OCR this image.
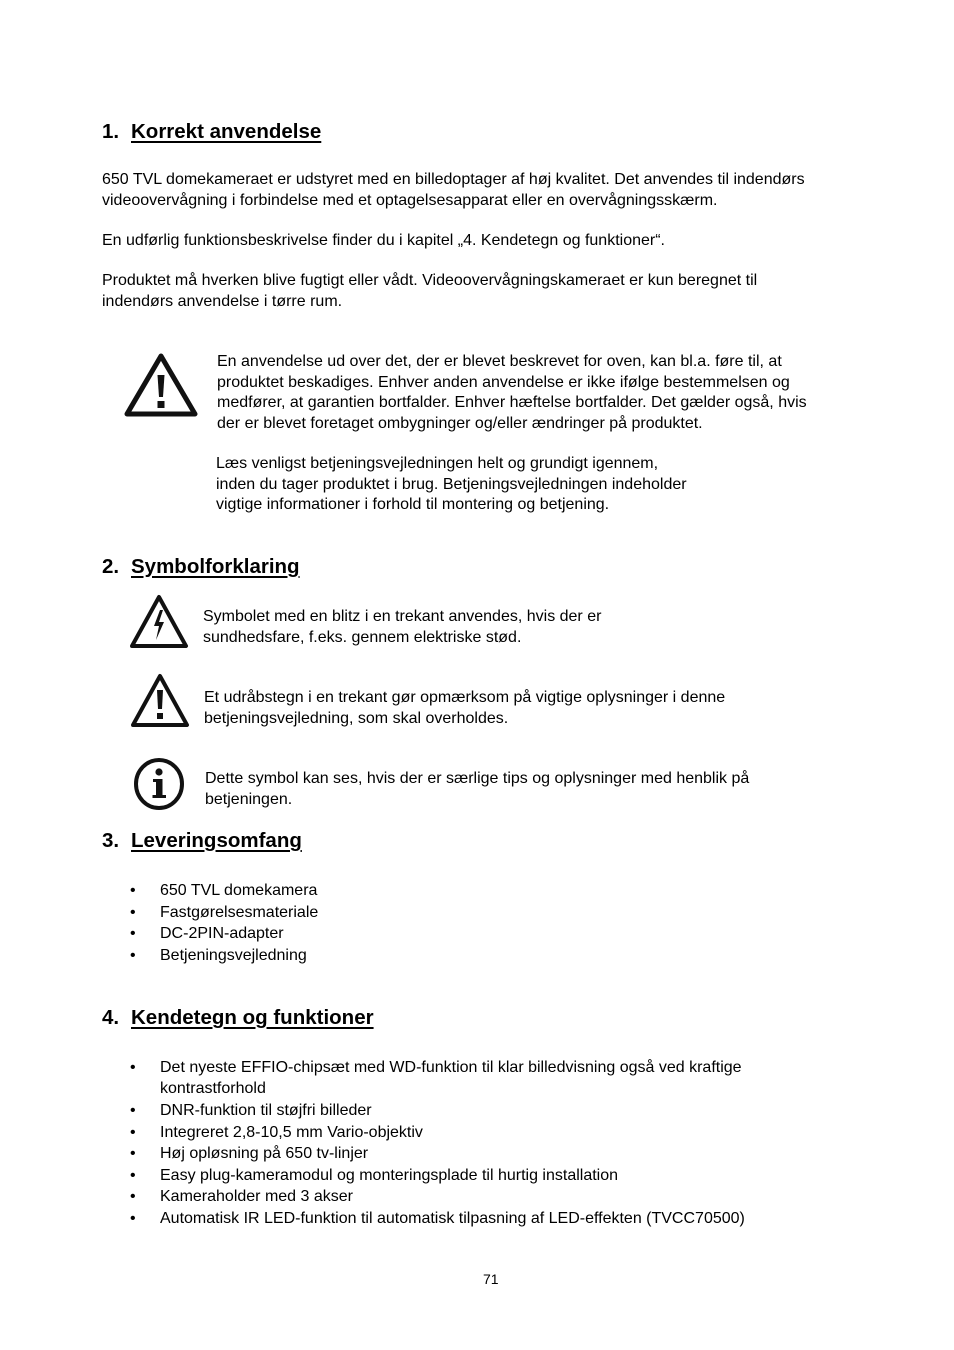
1. Korrekt anvendelse
650 TVL domekameraet er udstyret med en billedoptager af høj kvalitet. Det anvendes til indendørs
videoovervågning i forbindelse med et optagelsesapparat eller en overvågningsskærm.
En udførlig funktionsbeskrivelse finder du i kapitel „4. Kendetegn og funktioner“.
Produktet må hverken blive fugtigt eller vådt. Videoovervågningskameraet er kun beregnet til
indendørs anvendelse i tørre rum.
En anvendelse ud over det, der er blevet beskrevet for oven, kan bl.a. føre til, at
produktet beskadiges. Enhver anden anvendelse er ikke ifølge bestemmelsen og
medfører, at garantien bortfalder. Enhver hæftelse bortfalder. Det gælder også, hvis
der er blevet foretaget ombygninger og/eller ændringer på produktet.
Læs venligst betjeningsvejledningen helt og grundigt igennem,
inden du tager produktet i brug. Betjeningsvejledningen indeholder
vigtige informationer i forhold til montering og betjening.
2. Symbolforklaring
Symbolet med en blitz i en trekant anvendes, hvis der er
sundhedsfare, f.eks. gennem elektriske stød.
Et udråbstegn i en trekant gør opmærksom på vigtige oplysninger i denne
betjeningsvejledning, som skal overholdes.
Dette symbol kan ses, hvis der er særlige tips og oplysninger med henblik på
betjeningen.
3. Leveringsomfang
• 650 TVL domekamera
• Fastgørelsesmateriale
• DC-2PIN-adapter
• Betjeningsvejledning
4. Kendetegn og funktioner
• Det nyeste EFFIO-chipsæt med WD-funktion til klar billedvisning også ved kraftige
kontrastforhold
• DNR-funktion til støjfri billeder
• Integreret 2,8-10,5 mm Vario-objektiv
• Høj opløsning på 650 tv-linjer
• Easy plug-kameramodul og monteringsplade til hurtig installation
• Kameraholder med 3 akser
• Automatisk IR LED-funktion til automatisk tilpasning af LED-effekten (TVCC70500)
71
